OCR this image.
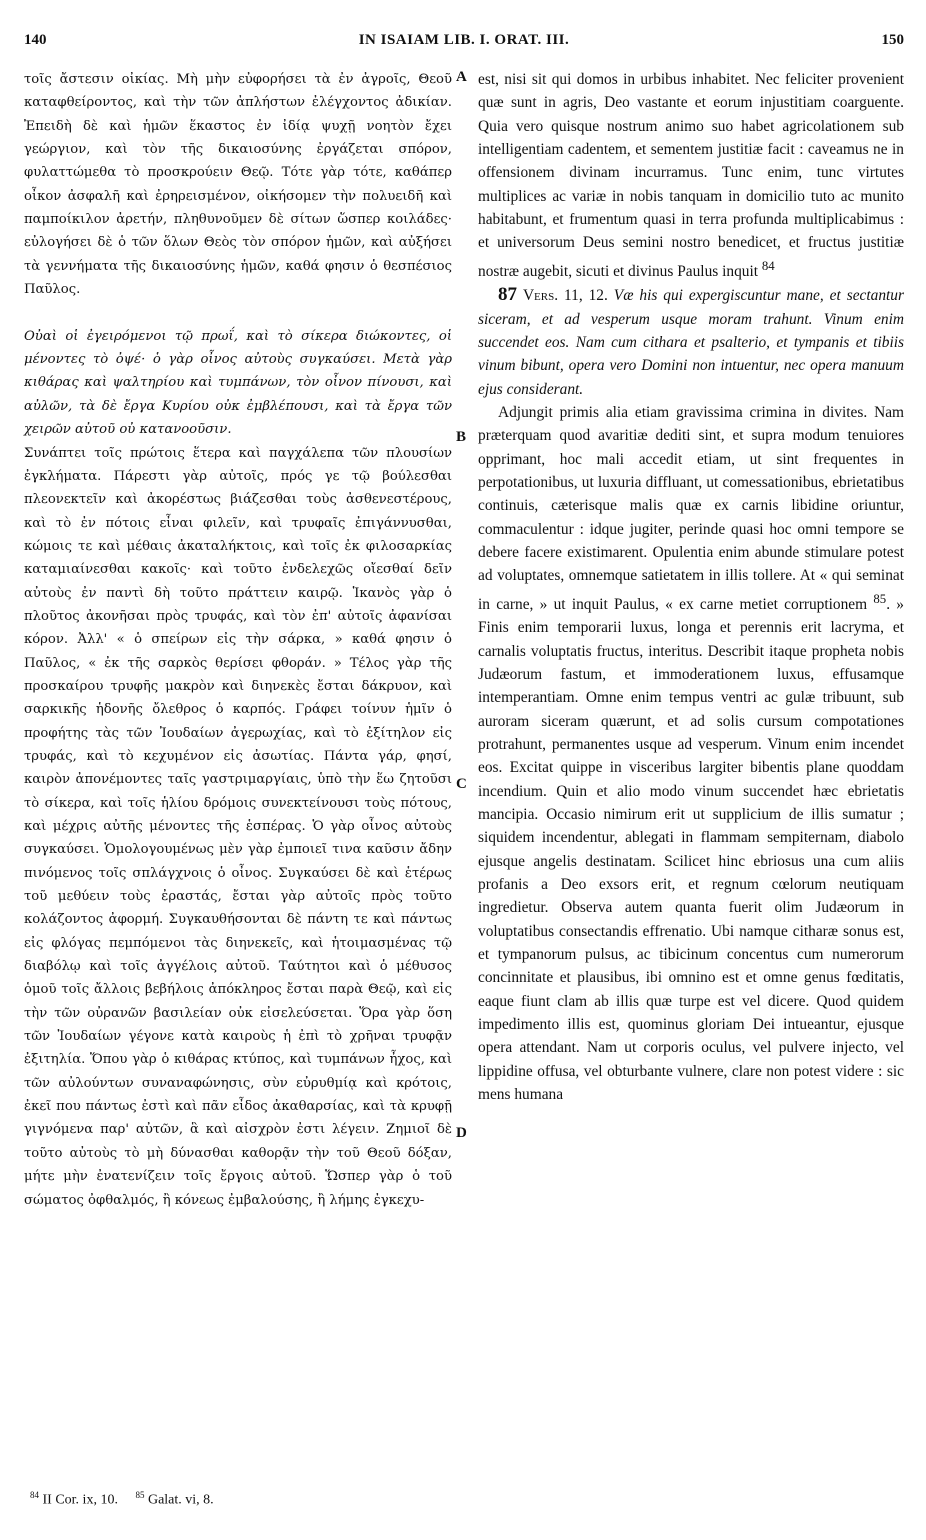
140	IN ISAIAM LIB. I. ORAT. III.	150

τοῖς ἄστεσιν οἰκίας. Μὴ μὴν εὐφορήσει τὰ ἐν ἀγροῖς, Θεοῦ καταφθείροντος, καὶ τὴν τῶν ἀπλήστων ἐλέγχοντος ἀδικίαν. Ἐπειδὴ δὲ καὶ ἡμῶν ἕκαστος ἐν ἰδίᾳ ψυχῇ νοητὸν ἔχει γεώργιον, καὶ τὸν τῆς δικαιοσύνης ἐργάζεται σπόρον, φυλαττώμεθα τὸ προσκρούειν Θεῷ. Τότε γὰρ τότε, καθάπερ οἶκον ἀσφαλῆ καὶ ἐρηρεισμένον, οἰκήσομεν τὴν πολυειδῆ καὶ παμποίκιλον ἀρετήν, πληθυνοῦμεν δὲ σίτων ὥσπερ κοιλάδες· εὐλογήσει δὲ ὁ τῶν ὅλων Θεὸς τὸν σπόρον ἡμῶν, καὶ αὐξήσει τὰ γεννήματα τῆς δικαιοσύνης ἡμῶν, καθά φησιν ὁ θεσπέσιος Παῦλος.

Οὐαὶ οἱ ἐγειρόμενοι τῷ πρωΐ, καὶ τὸ σίκερα διώκοντες, οἱ μένοντες τὸ ὀψέ· ὁ γὰρ οἶνος αὐτοὺς συγκαύσει. Μετὰ γὰρ κιθάρας καὶ ψαλτηρίου καὶ τυμπάνων, τὸν οἶνον πίνουσι, καὶ αὐλῶν, τὰ δὲ ἔργα Κυρίου οὐκ ἐμβλέπουσι, καὶ τὰ ἔργα τῶν χειρῶν αὐτοῦ οὐ κατανοοῦσιν.

Συνάπτει τοῖς πρώτοις ἕτερα καὶ παγχάλεπα τῶν πλουσίων ἐγκλήματα. Πάρεστι γὰρ αὐτοῖς, πρός γε τῷ βούλεσθαι πλεονεκτεῖν καὶ ἀκορέστως βιάζεσθαι τοὺς ἀσθενεστέρους, καὶ τὸ ἐν πότοις εἶναι φιλεῖν, καὶ τρυφαῖς ἐπιγάννυσθαι, κώμοις τε καὶ μέθαις ἀκαταλήκτοις, καὶ τοῖς ἐκ φιλοσαρκίας καταμιαίνεσθαι κακοῖς· καὶ τοῦτο ἐνδελεχῶς οἴεσθαί δεῖν αὐτοὺς ἐν παντὶ δὴ τοῦτο πράττειν καιρῷ. Ἱκανὸς γὰρ ὁ πλοῦτος ἀκονῆσαι πρὸς τρυφάς, καὶ τὸν ἐπ' αὐτοῖς ἀφανίσαι κόρον. Ἀλλ' « ὁ σπείρων εἰς τὴν σάρκα, » καθά φησιν ὁ Παῦλος, « ἐκ τῆς σαρκὸς θερίσει φθοράν. » Τέλος γὰρ τῆς προσκαίρου τρυφῆς μακρὸν καὶ διηνεκὲς ἔσται δάκρυον, καὶ σαρκικῆς ἡδονῆς ὄλεθρος ὁ καρπός. Γράφει τοίνυν ἡμῖν ὁ προφήτης τὰς τῶν Ἰουδαίων ἀγερωχίας, καὶ τὸ ἐξίτηλον εἰς τρυφάς, καὶ τὸ κεχυμένον εἰς ἀσωτίας. Πάντα γάρ, φησί, καιρὸν ἀπονέμοντες ταῖς γαστριμαργίαις, ὑπὸ τὴν ἕω ζητοῦσι τὸ σίκερα, καὶ τοῖς ἡλίου δρόμοις συνεκτείνουσι τοὺς πότους, καὶ μέχρις αὐτῆς μένοντες τῆς ἑσπέρας. Ὁ γὰρ οἶνος αὐτοὺς συγκαύσει. Ὁμολογουμένως μὲν γὰρ ἐμποιεῖ τινα καῦσιν ἄδην πινόμενος τοῖς σπλάγχνοις ὁ οἶνος. Συγκαύσει δὲ καὶ ἑτέρως τοῦ μεθύειν τοὺς ἐραστάς, ἔσται γὰρ αὐτοῖς πρὸς τοῦτο κολάζοντος ἀφορμή. Συγκαυθήσονται δὲ πάντη τε καὶ πάντως εἰς φλόγας πεμπόμενοι τὰς διηνεκεῖς, καὶ ἡτοιμασμένας τῷ διαβόλῳ καὶ τοῖς ἀγγέλοις αὐτοῦ. Ταύτητοι καὶ ὁ μέθυσος ὁμοῦ τοῖς ἄλλοις βεβήλοις ἀπόκληρος ἔσται παρὰ Θεῷ, καὶ εἰς τὴν τῶν οὐρανῶν βασιλείαν οὐκ εἰσελεύσεται. Ὅρα γὰρ ὅση τῶν Ἰουδαίων γέγονε κατὰ καιροὺς ἡ ἐπὶ τὸ χρῆναι τρυφᾷν ἐξιτηλία. Ὅπου γὰρ ὁ κιθάρας κτύπος, καὶ τυμπάνων ἦχος, καὶ τῶν αὐλούντων συναναφώνησις, σὺν εὐρυθμίᾳ καὶ κρότοις, ἐκεῖ που πάντως ἐστὶ καὶ πᾶν εἶδος ἀκαθαρσίας, καὶ τὰ κρυφῇ γιγνόμενα παρ' αὐτῶν, ἃ καὶ αἰσχρὸν ἐστι λέγειν. Ζημιοῖ δὲ τοῦτο αὐτοὺς τὸ μὴ δύνασθαι καθορᾷν τὴν τοῦ Θεοῦ δόξαν, μήτε μὴν ἐνατενίζειν τοῖς ἔργοις αὐτοῦ. Ὥσπερ γὰρ ὁ τοῦ σώματος ὀφθαλμός, ἢ κόνεως ἐμβαλούσης, ἢ λήμης ἐγκεχυ-

A
B
C
D

est, nisi sit qui domos in urbibus inhabitet. Nec feliciter provenient quæ sunt in agris, Deo vastante et eorum injustitiam coarguente. Quia vero quisque nostrum animo suo habet agricolationem sub intelligentiam cadentem, et sementem justitiæ facit : caveamus ne in offensionem divinam incurramus. Tunc enim, tunc virtutes multiplices ac variæ in nobis tanquam in domicilio tuto ac munito habitabunt, et frumentum quasi in terra profunda multiplicabimus : et universorum Deus semini nostro benedicet, et fructus justitiæ nostræ augebit, sicuti et divinus Paulus inquit $^{84}$

87 Vers. 11, 12. Væ his qui expergiscuntur mane, et sectantur siceram, et ad vesperum usque moram trahunt. Vinum enim succendet eos. Nam cum cithara et psalterio, et tympanis et tibiis vinum bibunt, opera vero Domini non intuentur, nec opera manuum ejus considerant.

Adjungit primis alia etiam gravissima crimina in divites. Nam præterquam quod avaritiæ dediti sint, et supra modum tenuiores opprimant, hoc mali accedit etiam, ut sint frequentes in perpotationibus, ut luxuria diffluant, ut comessationibus, ebrietatibus continuis, cæterisque malis quæ ex carnis libidine oriuntur, commaculentur : idque jugiter, perinde quasi hoc omni tempore se debere facere existimarent. Opulentia enim abunde stimulare potest ad voluptates, omnemque satietatem in illis tollere. At « qui seminat in carne, » ut inquit Paulus, « ex carne metiet corruptionem $^{85}$. » Finis enim temporarii luxus, longa et perennis erit lacryma, et carnalis voluptatis fructus, interitus. Describit itaque propheta nobis Judæorum fastum, et immoderationem luxus, effusamque intemperantiam. Omne enim tempus ventri ac gulæ tribuunt, sub auroram siceram quærunt, et ad solis cursum compotationes protrahunt, permanentes usque ad vesperum. Vinum enim incendet eos. Excitat quippe in visceribus largiter bibentis plane quoddam incendium. Quin et alio modo vinum succendet hæc ebrietatis mancipia. Occasio nimirum erit ut supplicium de illis sumatur ; siquidem incendentur, ablegati in flammam sempiternam, diabolo ejusque angelis destinatam. Scilicet hinc ebriosus una cum aliis profanis a Deo exsors erit, et regnum cœlorum neutiquam ingredietur. Observa autem quanta fuerit olim Judæorum in voluptatibus consectandis effrenatio. Ubi namque citharæ sonus est, et tympanorum pulsus, ac tibicinum concentus cum numerorum concinnitate et plausibus, ibi omnino est et omne genus fœditatis, eaque fiunt clam ab illis quæ turpe est vel dicere. Quod quidem impedimento illis est, quominus gloriam Dei intueantur, ejusque opera attendant. Nam ut corporis oculus, vel pulvere injecto, vel lippidine offusa, vel obturbante vulnere, clare non potest videre : sic mens humana

$^{84}$ II Cor. ix, 10. $^{85}$ Galat. vi, 8.
